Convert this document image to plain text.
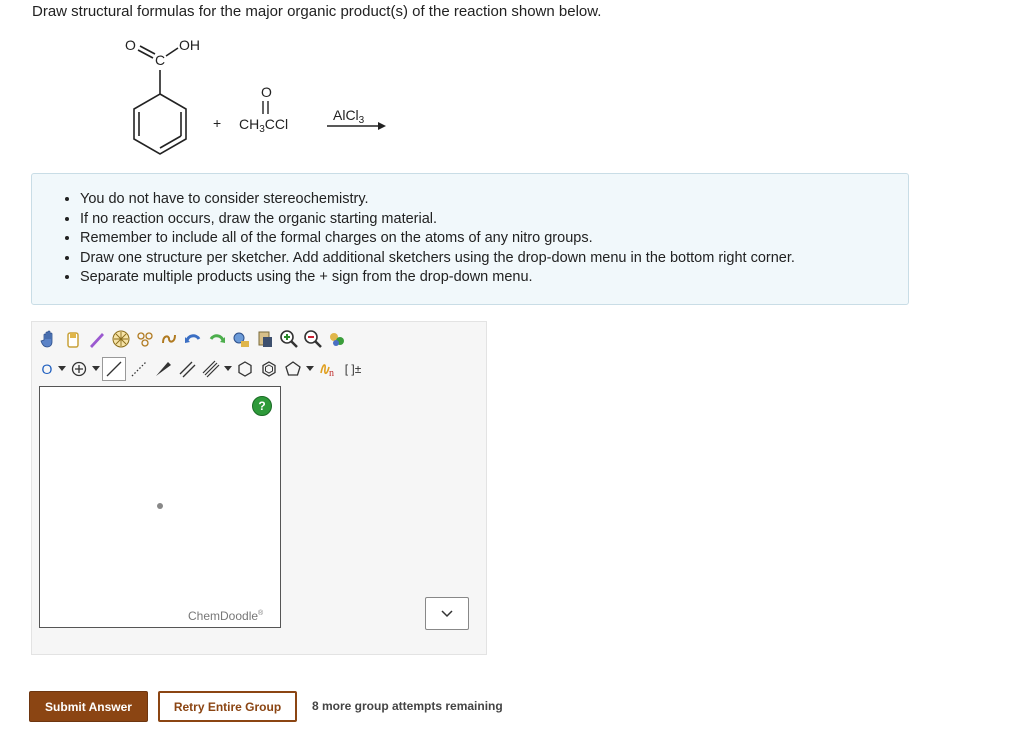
Draw structural formulas for the major organic product(s) of the reaction shown below.
O
C
OH
+
O
$CH_3CCl$
AlCl$_3$
• You do not have to consider stereochemistry.
• If no reaction occurs, draw the organic starting material.
• Remember to include all of the formal charges on the atoms of any nitro groups.
• Draw one structure per sketcher. Add additional sketchers using the drop-down menu in the bottom right corner.
• Separate multiple products using the + sign from the drop-down menu.
O	n [ ]±
?
ChemDoodle®
Submit Answer	Retry Entire Group	8 more group attempts remaining
